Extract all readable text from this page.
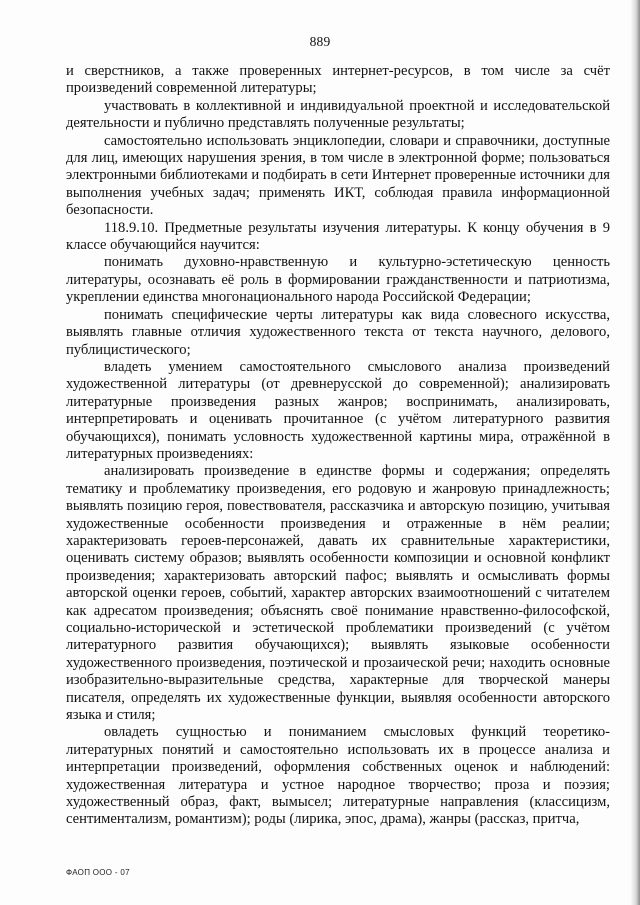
889

и сверстников, а также проверенных интернет-ресурсов, в том числе за счёт произведений современной литературы;

участвовать в коллективной и индивидуальной проектной и исследовательской деятельности и публично представлять полученные результаты;

самостоятельно использовать энциклопедии, словари и справочники, доступные для лиц, имеющих нарушения зрения, в том числе в электронной форме; пользоваться электронными библиотеками и подбирать в сети Интернет проверенные источники для выполнения учебных задач; применять ИКТ, соблюдая правила информационной безопасности.

118.9.10. Предметные результаты изучения литературы. К концу обучения в 9 классе обучающийся научится:

понимать духовно-нравственную и культурно-эстетическую ценность литературы, осознавать её роль в формировании гражданственности и патриотизма, укреплении единства многонационального народа Российской Федерации;

понимать специфические черты литературы как вида словесного искусства, выявлять главные отличия художественного текста от текста научного, делового, публицистического;

владеть умением самостоятельного смыслового анализа произведений художественной литературы (от древнерусской до современной); анализировать литературные произведения разных жанров; воспринимать, анализировать, интерпретировать и оценивать прочитанное (с учётом литературного развития обучающихся), понимать условность художественной картины мира, отражённой в литературных произведениях:

анализировать произведение в единстве формы и содержания; определять тематику и проблематику произведения, его родовую и жанровую принадлежность; выявлять позицию героя, повествователя, рассказчика и авторскую позицию, учитывая художественные особенности произведения и отраженные в нём реалии; характеризовать героев-персонажей, давать их сравнительные характеристики, оценивать систему образов; выявлять особенности композиции и основной конфликт произведения; характеризовать авторский пафос; выявлять и осмысливать формы авторской оценки героев, событий, характер авторских взаимоотношений с читателем как адресатом произведения; объяснять своё понимание нравственно-философской, социально-исторической и эстетической проблематики произведений (с учётом литературного развития обучающихся); выявлять языковые особенности художественного произведения, поэтической и прозаической речи; находить основные изобразительно-выразительные средства, характерные для творческой манеры писателя, определять их художественные функции, выявляя особенности авторского языка и стиля;

овладеть сущностью и пониманием смысловых функций теоретико-литературных понятий и самостоятельно использовать их в процессе анализа и интерпретации произведений, оформления собственных оценок и наблюдений: художественная литература и устное народное творчество; проза и поэзия; художественный образ, факт, вымысел; литературные направления (классицизм, сентиментализм, романтизм); роды (лирика, эпос, драма), жанры (рассказ, притча,

ФАОП ООО - 07
